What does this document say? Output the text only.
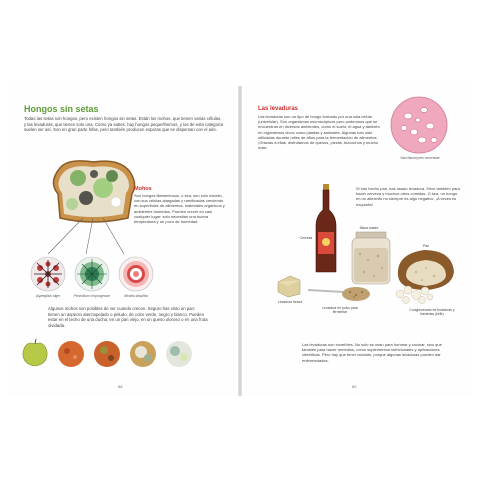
Hongos sin setas
Todas las setas son hongos, pero existen hongos sin setas. Están los mohos, que tienen varias células, y las levaduras, que tienen solo una. Como ya sabes, hay hongos pequeñísimos, y los de esta categoría suelen ser así. Son en gran parte hifas, pero también producen esporas que se dispersan con el aire.
Mohos
Son hongos filamentosos, o sea, son solo micelio, con sus células alargadas y ramificadas creciendo en superficies de alimentos, materiales orgánicos y ambientes húmedos. Pueden crecer en casi cualquier lugar: solo necesitan una buena temperatura y un poco de humedad.
Aspergillus niger	Penicillium chrysogenum	Monilia sitophila
Algunos mohos son posibles de ver cuando crecen. Seguro has visto un pan: tienen un aspecto aterciopelado o peludo, de color verde, negro y blanco. Pueden estar en el techo de una ducha, en un pan viejo, en un queso oloroso o en una fruta olvidada.
88
Las levaduras
Las levaduras son un tipo de hongo formado por una sola célula (unicelular). Son organismos microscópicos pero poderosos que se encuentran en diversos ambientes, como el suelo, el agua y también en organismos vivos como plantas y animales. Algunas han sido utilizadas durante miles de años para la fermentación de alimentos. ¡Gracias a ellas, disfrutamos de quesos, pizzas, bizcochos y mucho más!
Saccharomyces cerevisiae
Si has hecho pan, has usado levadura. Sirve también para hacer cerveza y muchos otros comidas. O sea, un hongo en un alimento no siempre es algo negativo. ¡A veces es exquisito!
Cerveza
Masa madre
Pan
Levadura fresca
Levadura en polvo para fermentar
Conglomerado de levaduras y bacterias (kéfir)
Las levaduras son increíbles. No solo se usan para hornear y cocinar, sino que también para hacer remedios, como suplementos nutricionales y aplicaciones científicas. Pero hay que tener cuidado, porque algunas levaduras pueden dar enfermedades.
89
